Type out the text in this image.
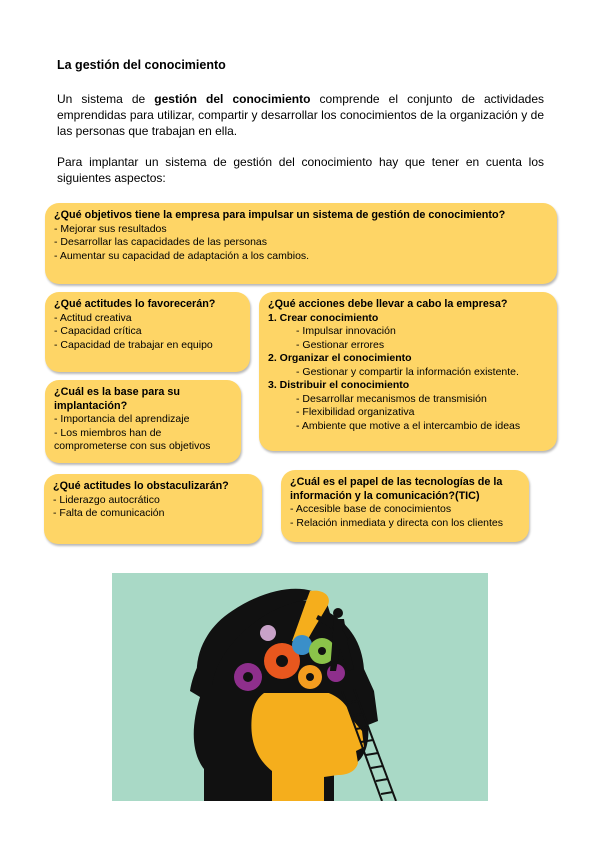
La gestión del conocimiento
Un sistema de gestión del conocimiento comprende el conjunto de actividades emprendidas para utilizar, compartir y desarrollar los conocimientos de la organización y de las personas que trabajan en ella.
Para implantar un sistema de gestión del conocimiento hay que tener en cuenta los siguientes aspectos:
¿Qué objetivos tiene la empresa para impulsar un sistema de gestión de conocimiento?
- Mejorar sus resultados
- Desarrollar las capacidades de las personas
- Aumentar su capacidad de adaptación a los cambios.
¿Qué actitudes lo favorecerán?
- Actitud creativa
- Capacidad crítica
- Capacidad de trabajar en equipo
¿Cuál es la base para su implantación?
- Importancia del aprendizaje
- Los miembros han de comprometerse con sus objetivos
¿Qué actitudes lo obstaculizarán?
- Liderazgo autocrático
- Falta de comunicación
¿Qué acciones debe llevar a cabo la empresa?
1. Crear conocimiento
- Impulsar innovación
- Gestionar errores
2. Organizar el conocimiento
- Gestionar y compartir la información existente.
3. Distribuir el conocimiento
- Desarrollar mecanismos de transmisión
- Flexibilidad organizativa
- Ambiente que motive a el intercambio de ideas
¿Cuál es el papel de las tecnologías de la información y la comunicación?(TIC)
- Accesible base de conocimientos
- Relación inmediata y directa con los clientes
